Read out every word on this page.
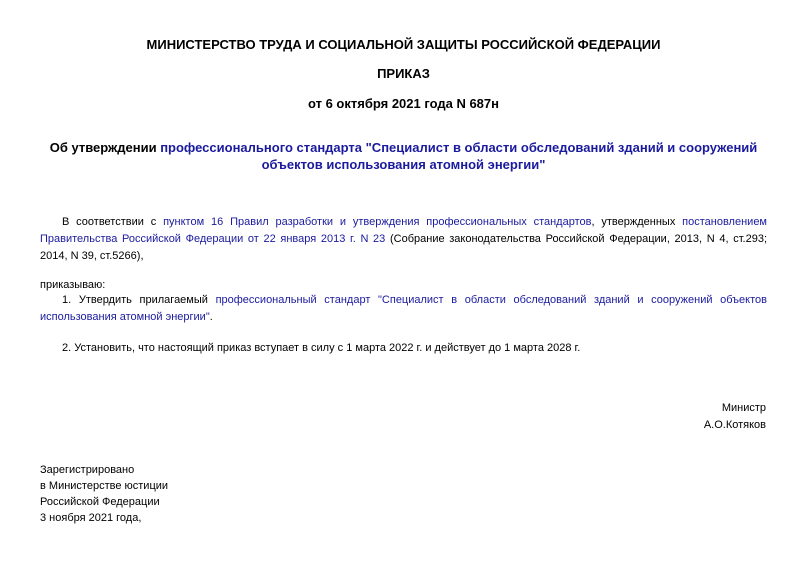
МИНИСТЕРСТВО ТРУДА И СОЦИАЛЬНОЙ ЗАЩИТЫ РОССИЙСКОЙ ФЕДЕРАЦИИ
ПРИКАЗ
от 6 октября 2021 года N 687н
Об утверждении профессионального стандарта "Специалист в области обследований зданий и сооружений объектов использования атомной энергии"
В соответствии с пунктом 16 Правил разработки и утверждения профессиональных стандартов, утвержденных постановлением Правительства Российской Федерации от 22 января 2013 г. N 23 (Собрание законодательства Российской Федерации, 2013, N 4, ст.293; 2014, N 39, ст.5266),
приказываю:
1. Утвердить прилагаемый профессиональный стандарт "Специалист в области обследований зданий и сооружений объектов использования атомной энергии".
2. Установить, что настоящий приказ вступает в силу с 1 марта 2022 г. и действует до 1 марта 2028 г.
Министр
А.О.Котяков
Зарегистрировано
в Министерстве юстиции
Российской Федерации
3 ноября 2021 года,
